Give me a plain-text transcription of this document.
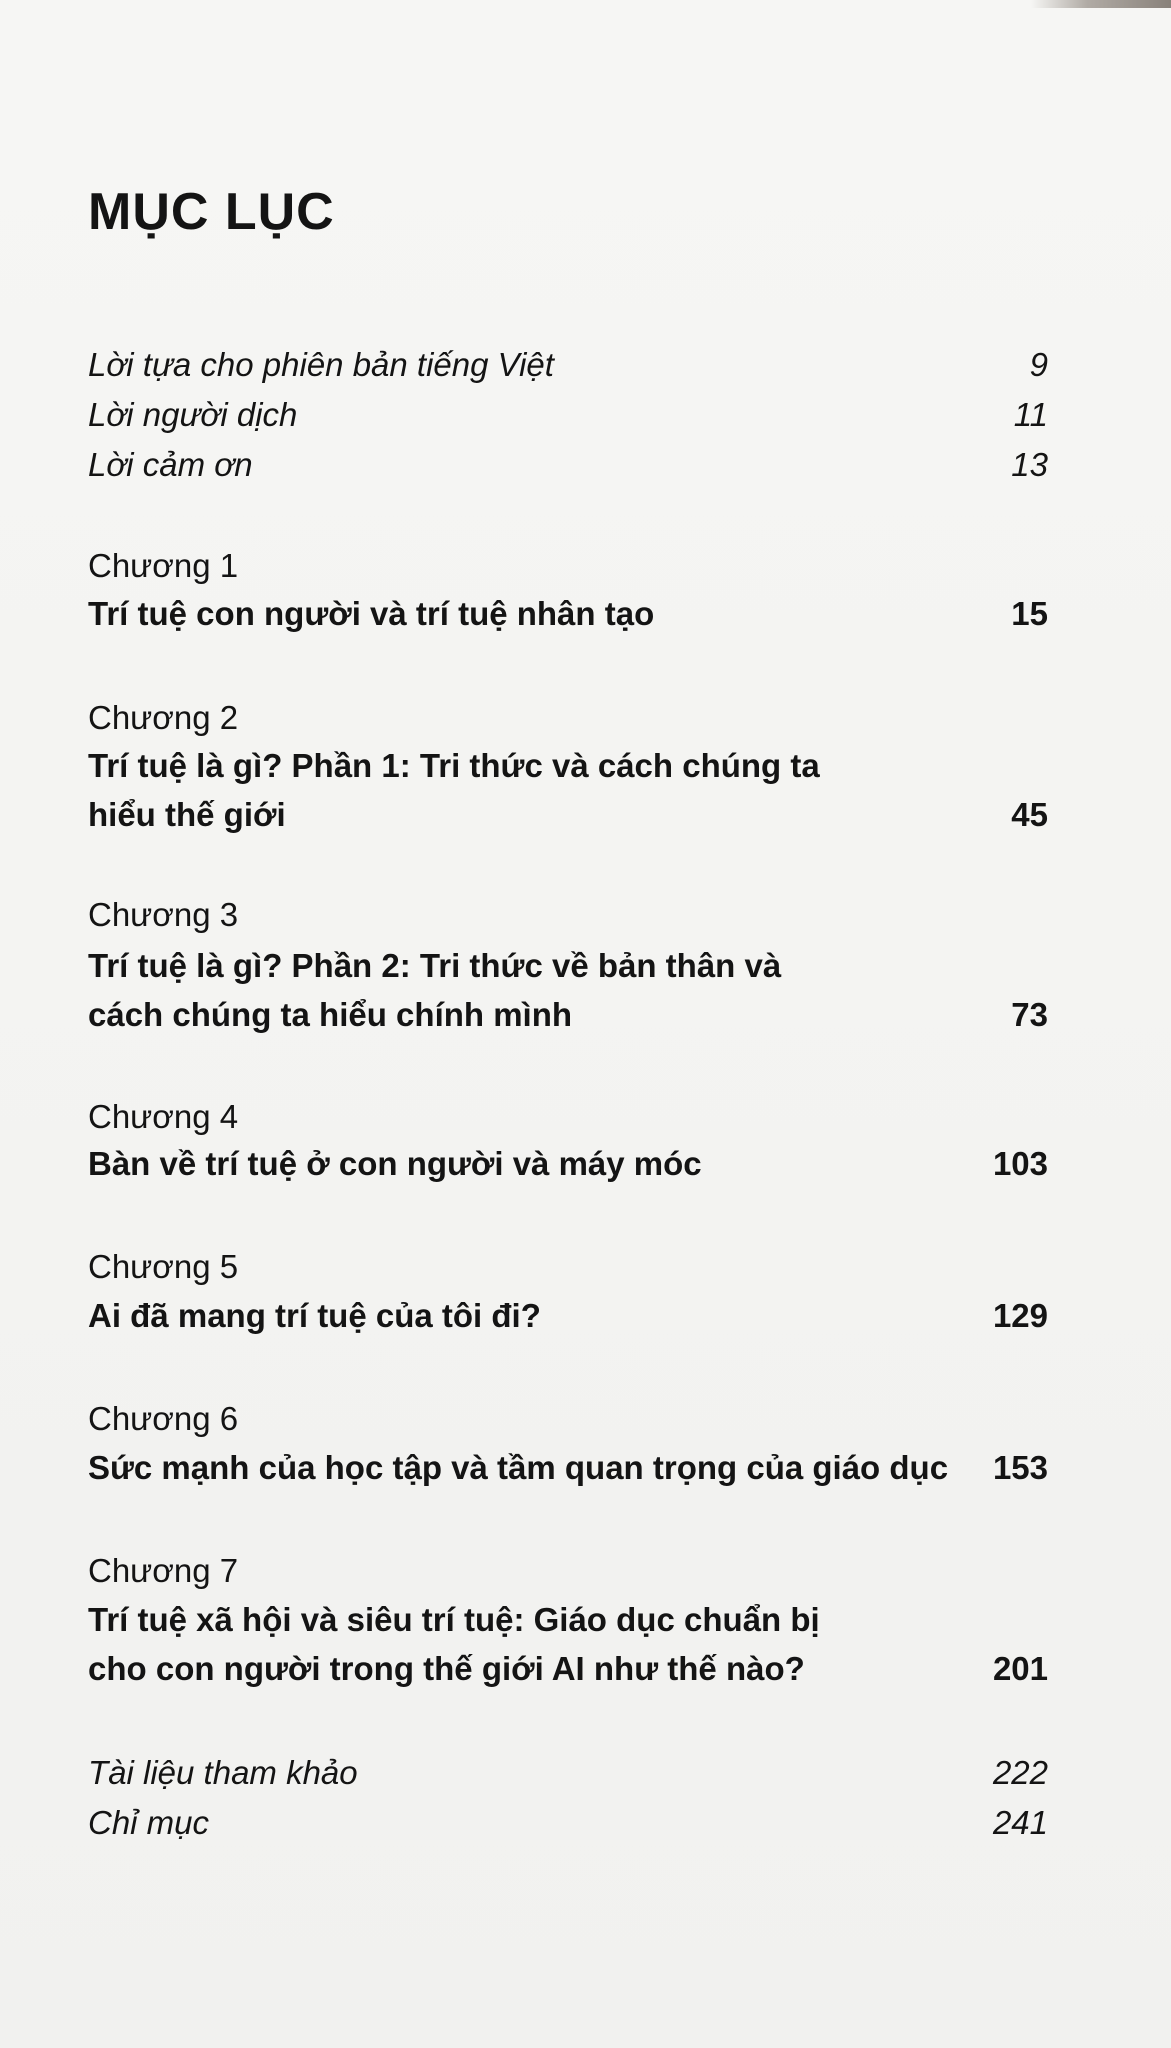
MỤC LỤC
Lời tựa cho phiên bản tiếng Việt	9
Lời người dịch	11
Lời cảm ơn	13
Chương 1
Trí tuệ con người và trí tuệ nhân tạo	15
Chương 2
Trí tuệ là gì? Phần 1: Tri thức và cách chúng ta
hiểu thế giới	45
Chương 3
Trí tuệ là gì? Phần 2: Tri thức về bản thân và
cách chúng ta hiểu chính mình	73
Chương 4
Bàn về trí tuệ ở con người và máy móc	103
Chương 5
Ai đã mang trí tuệ của tôi đi?	129
Chương 6
Sức mạnh của học tập và tầm quan trọng của giáo dục 153
Chương 7
Trí tuệ xã hội và siêu trí tuệ: Giáo dục chuẩn bị
cho con người trong thế giới AI như thế nào?	201
Tài liệu tham khảo	222
Chỉ mục	241
